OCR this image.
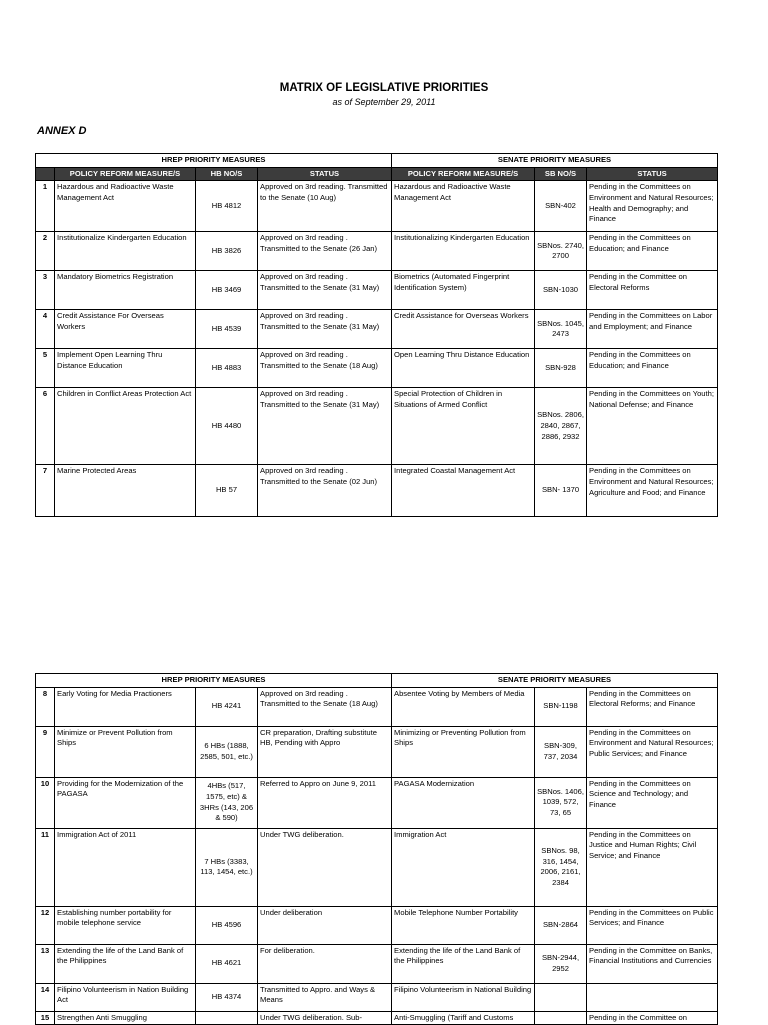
MATRIX OF LEGISLATIVE PRIORITIES
as of September 29, 2011
ANNEX D
HREP PRIORITY MEASURES				SENATE PRIORITY MEASURES		
	POLICY REFORM MEASURE/S	HB NO/S	STATUS	POLICY REFORM MEASURE/S	SB NO/S	STATUS
1	Hazardous and Radioactive Waste Management Act	HB 4812	Approved on 3rd reading. Transmitted to the Senate (10 Aug)	Hazardous and Radioactive Waste Management Act	SBN-402	Pending in the Committees on Environment and Natural Resources; Health and Demography; and Finance
2	Institutionalize Kindergarten Education	HB 3826	Approved on 3rd reading . Transmitted to the Senate (26 Jan)	Institutionalizing Kindergarten Education	SBNos. 2740, 2700	Pending in the Committees on Education; and Finance
3	Mandatory Biometrics Registration	HB 3469	Approved on 3rd reading . Transmitted to the Senate (31 May)	Biometrics (Automated Fingerprint Identification System)	SBN-1030	Pending in the Committee on Electoral Reforms
4	Credit Assistance For Overseas Workers	HB 4539	Approved on 3rd reading . Transmitted to the Senate (31 May)	Credit Assistance for Overseas Workers	SBNos. 1045, 2473	Pending in the Committees on Labor and Employment; and Finance
5	Implement Open Learning Thru Distance Education	HB 4883	Approved on 3rd reading . Transmitted to the Senate (18 Aug)	Open Learning Thru Distance Education	SBN-928	Pending in the Committees on Education; and Finance
6	Children in Conflict Areas Protection Act	HB 4480	Approved on 3rd reading . Transmitted to the Senate (31 May)	Special Protection of Children in Situations of Armed Conflict	SBNos. 2806, 2840, 2867, 2886, 2932	Pending in the Committees on Youth; National Defense; and Finance
7	Marine Protected Areas	HB 57	Approved on 3rd reading . Transmitted to the Senate (02 Jun)	Integrated Coastal Management Act	SBN- 1370	Pending in the Committees on Environment and Natural Resources; Agriculture and Food; and Finance
HREP PRIORITY MEASURES				SENATE PRIORITY MEASURES		
8	Early Voting for Media Practioners	HB 4241	Approved on 3rd reading . Transmitted to the Senate (18 Aug)	Absentee Voting by Members of Media	SBN-1198	Pending in the Committees on Electoral Reforms; and Finance
9	Minimize or Prevent Pollution from Ships	6 HBs (1888, 2585, 501, etc.)	CR preparation, Drafting substitute HB, Pending with Appro	Minimizing or Preventing Pollution from Ships	SBN-309, 737, 2034	Pending in the Committees on Environment and Natural Resources; Public Services; and Finance
10	Providing for the Modernization of the PAGASA	4HBs (517, 1575, etc) & 3HRs (143, 206 & 590)	Referred to Appro on June 9, 2011	PAGASA Modernization	SBNos. 1406, 1039, 572, 73, 65	Pending in the Committees on Science and Technology; and Finance
11	Immigration Act of 2011	7 HBs (3383, 113, 1454, etc.)	Under TWG deliberation.	Immigration Act	SBNos. 98, 316, 1454, 2006, 2161, 2384	Pending in the Committees on Justice and Human Rights; Civil Service; and Finance
12	Establishing number portability for mobile telephone service	HB 4596	Under deliberation	Mobile Telephone Number Portability	SBN-2864	Pending in the Committees on Public Services; and Finance
13	Extending the life of the Land Bank of the Philippines	HB 4621	For deliberation.	Extending the life of the Land Bank of the Philippines	SBN-2944, 2952	Pending in the Committee on Banks, Financial Institutions and Currencies
14	Filipino Volunteerism in Nation Building Act	HB 4374	Transmitted to Appro. and Ways & Means	Filipino Volunteerism in National Building		
15	Strengthen Anti Smuggling		Under TWG deliberation. Sub-	Anti-Smuggling (Tariff and Customs		Pending in the Committee on
